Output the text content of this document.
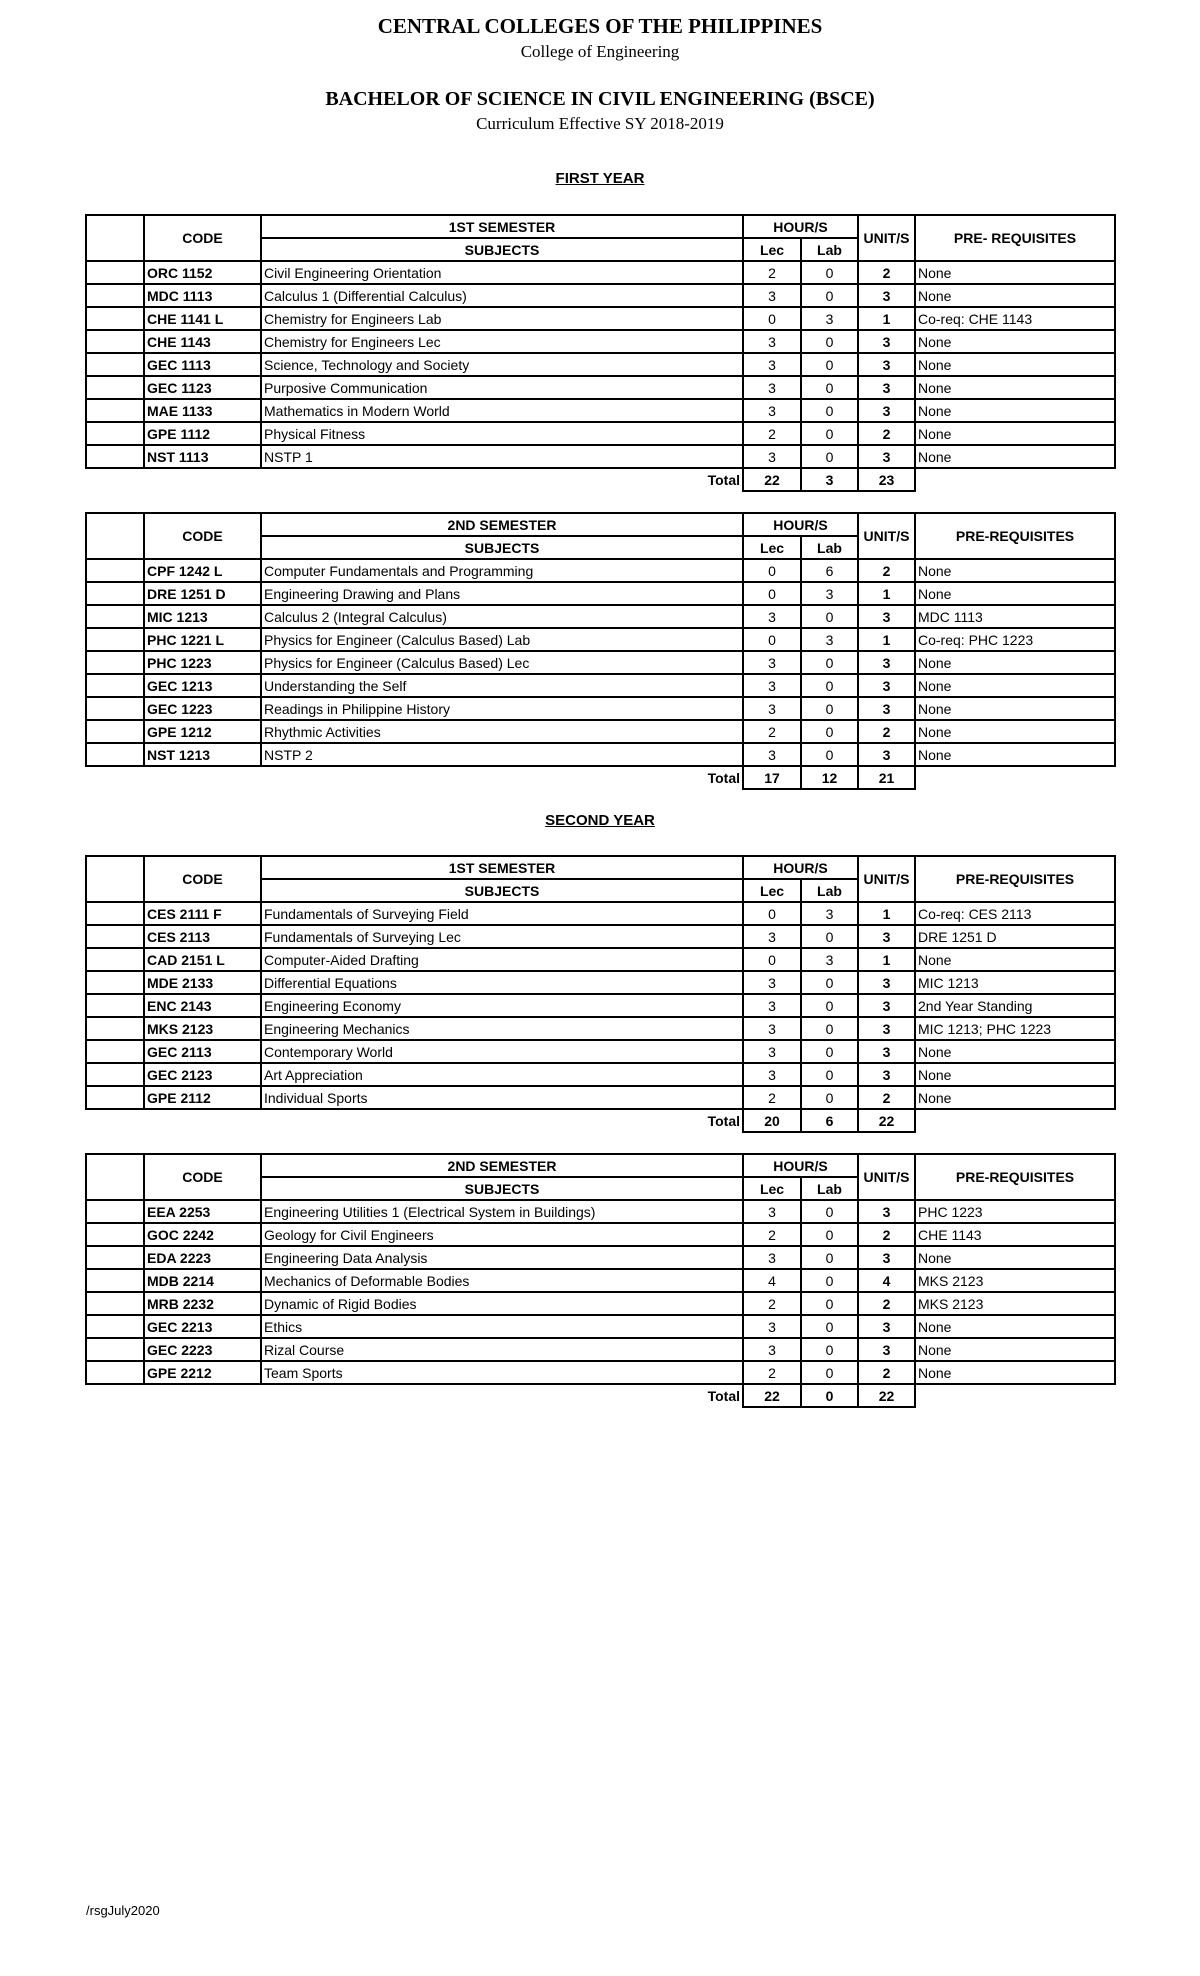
CENTRAL COLLEGES OF THE PHILIPPINES
College of Engineering
BACHELOR OF SCIENCE IN CIVIL ENGINEERING (BSCE)
Curriculum Effective SY 2018-2019
FIRST YEAR
SECOND YEAR
	CODE	1ST SEMESTER	HOUR/S		UNIT/S	PRE- REQUISITES
		SUBJECTS	Lec	Lab		
	ORC 1152	Civil Engineering Orientation	2	0	2	None
	MDC 1113	Calculus 1 (Differential Calculus)	3	0	3	None
	CHE 1141 L	Chemistry for Engineers Lab	0	3	1	Co-req: CHE 1143
	CHE 1143	Chemistry for Engineers Lec	3	0	3	None
	GEC 1113	Science, Technology and Society	3	0	3	None
	GEC 1123	Purposive Communication	3	0	3	None
	MAE 1133	Mathematics in Modern World	3	0	3	None
	GPE 1112	Physical Fitness	2	0	2	None
	NST 1113	NSTP 1	3	0	3	None
		Total	22	3	23	
	CODE	2ND SEMESTER	HOUR/S		UNIT/S	PRE-REQUISITES
		SUBJECTS	Lec	Lab		
	CPF 1242 L	Computer Fundamentals and Programming	0	6	2	None
	DRE 1251 D	Engineering Drawing and Plans	0	3	1	None
	MIC 1213	Calculus 2 (Integral Calculus)	3	0	3	MDC 1113
	PHC 1221 L	Physics for Engineer (Calculus Based) Lab	0	3	1	Co-req: PHC 1223
	PHC 1223	Physics for Engineer (Calculus Based) Lec	3	0	3	None
	GEC 1213	Understanding the Self	3	0	3	None
	GEC 1223	Readings in Philippine History	3	0	3	None
	GPE 1212	Rhythmic Activities	2	0	2	None
	NST 1213	NSTP 2	3	0	3	None
		Total	17	12	21	
	CODE	1ST SEMESTER	HOUR/S		UNIT/S	PRE-REQUISITES
		SUBJECTS	Lec	Lab		
	CES 2111 F	Fundamentals of Surveying Field	0	3	1	Co-req: CES 2113
	CES 2113	Fundamentals of Surveying Lec	3	0	3	DRE 1251 D
	CAD 2151 L	Computer-Aided Drafting	0	3	1	None
	MDE 2133	Differential Equations	3	0	3	MIC 1213
	ENC 2143	Engineering Economy	3	0	3	2nd Year Standing
	MKS 2123	Engineering Mechanics	3	0	3	MIC 1213; PHC 1223
	GEC 2113	Contemporary World	3	0	3	None
	GEC 2123	Art Appreciation	3	0	3	None
	GPE 2112	Individual Sports	2	0	2	None
		Total	20	6	22	
	CODE	2ND SEMESTER	HOUR/S		UNIT/S	PRE-REQUISITES
		SUBJECTS	Lec	Lab		
	EEA 2253	Engineering Utilities 1 (Electrical System in Buildings)	3	0	3	PHC 1223
	GOC 2242	Geology for Civil Engineers	2	0	2	CHE 1143
	EDA 2223	Engineering Data Analysis	3	0	3	None
	MDB 2214	Mechanics of Deformable Bodies	4	0	4	MKS 2123
	MRB 2232	Dynamic of Rigid Bodies	2	0	2	MKS 2123
	GEC 2213	Ethics	3	0	3	None
	GEC 2223	Rizal Course	3	0	3	None
	GPE 2212	Team Sports	2	0	2	None
		Total	22	0	22	
/rsgJuly2020
